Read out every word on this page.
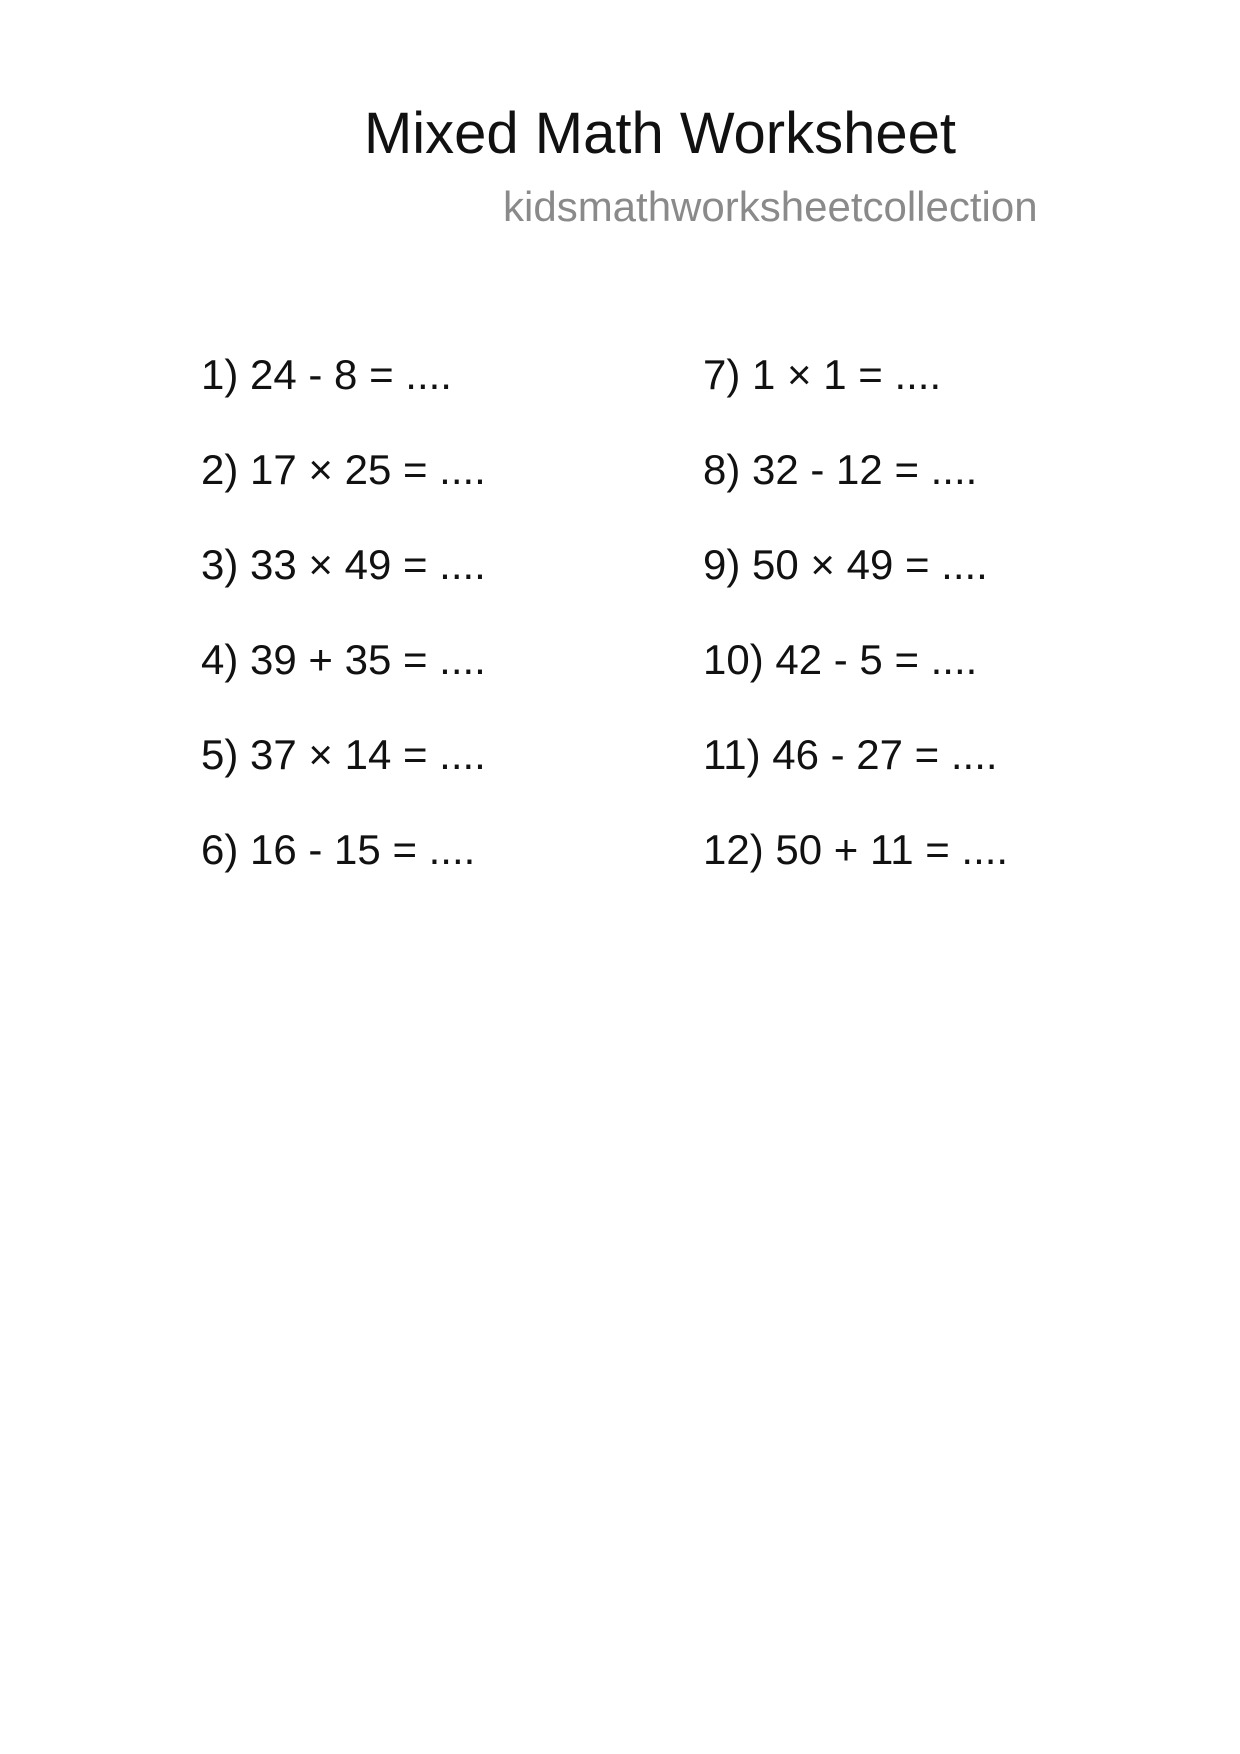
Mixed Math Worksheet
kidsmathworksheetcollection
1) 24 - 8 = ....
2) 17 × 25 = ....
3) 33 × 49 = ....
4) 39 + 35 = ....
5) 37 × 14 = ....
6) 16 - 15 = ....
7) 1 × 1 = ....
8) 32 - 12 = ....
9) 50 × 49 = ....
10) 42 - 5 = ....
11) 46 - 27 = ....
12) 50 + 11 = ....
